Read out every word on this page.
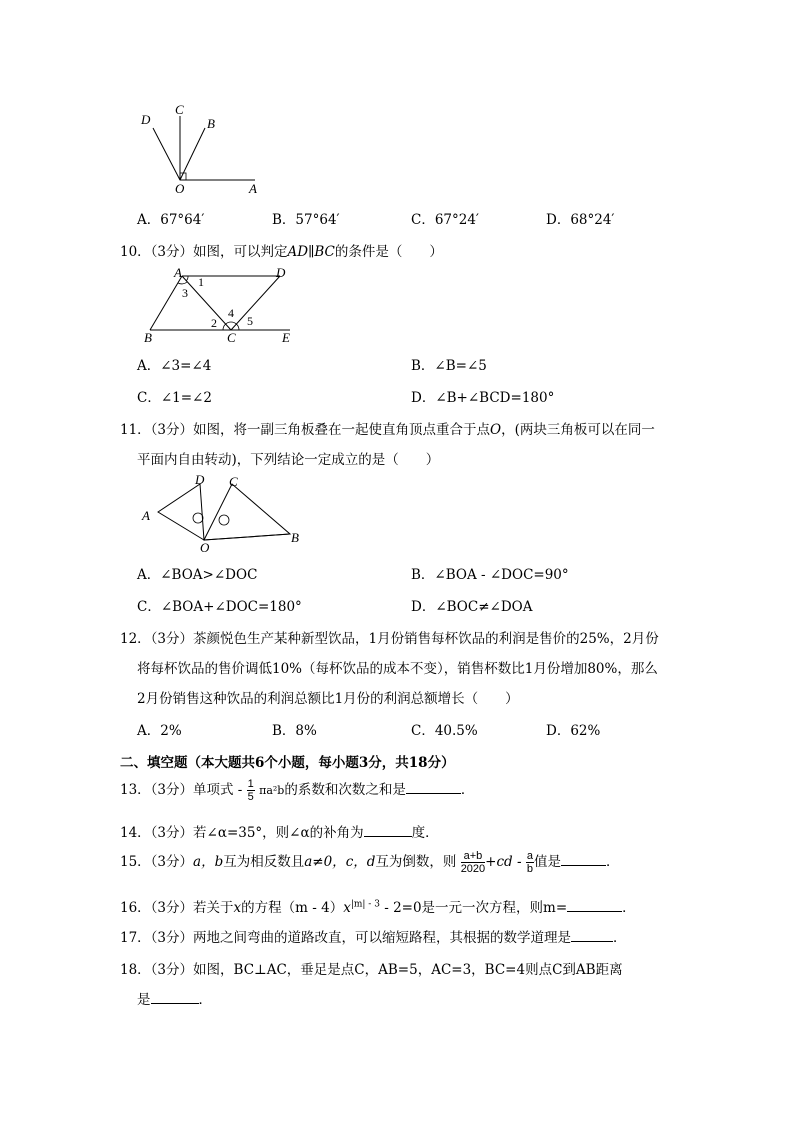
D
C
B
O	A
A．67°64′	B．57°64′	C．67°24′	D．68°24′
10．（3分）如图，可以判定AD∥BC的条件是（　　）
A	D
B	C	E
1
3
2
4
5
A．∠3=∠4	B．∠B=∠5
C．∠1=∠2	D．∠B+∠BCD=180°
11．（3分）如图，将一副三角板叠在一起使直角顶点重合于点O，(两块三角板可以在同一
平面内自由转动)，下列结论一定成立的是（　　）
D C
A
O
B
A．∠BOA>∠DOC	B．∠BOA - ∠DOC=90°
C．∠BOA+∠DOC=180°	D．∠BOC≠∠DOA
12．（3分）茶颜悦色生产某种新型饮品，1月份销售每杯饮品的利润是售价的25%，2月份
将每杯饮品的售价调低10%（每杯饮品的成本不变），销售杯数比1月份增加80%，那么
2月份销售这种饮品的利润总额比1月份的利润总额增长（　　）
A．2%	B．8%	C．40.5%	D．62%
二、填空题（本大题共6个小题，每小题3分，共18分）
13．（3分）单项式 - $\frac{1}{5} \pi a^2b$的系数和次数之和是	．
14．（3分）若∠α=35°，则∠α的补角为	度．
15．（3分）a，b互为相反数且a≠0，c，d互为倒数，则 $\frac{a+b}{2020} +cd - \frac{a}{b}$ 值是	．
16．（3分）若关于x的方程$(m - 4)x^{|m| - 3} - 2=0$是一元一次方程，则m=	．
17．（3分）两地之间弯曲的道路改直，可以缩短路程，其根据的数学道理是	．
18．（3分）如图，BC⊥AC，垂足是点C，AB=5，AC=3，BC=4则点C到AB距离
是	．
